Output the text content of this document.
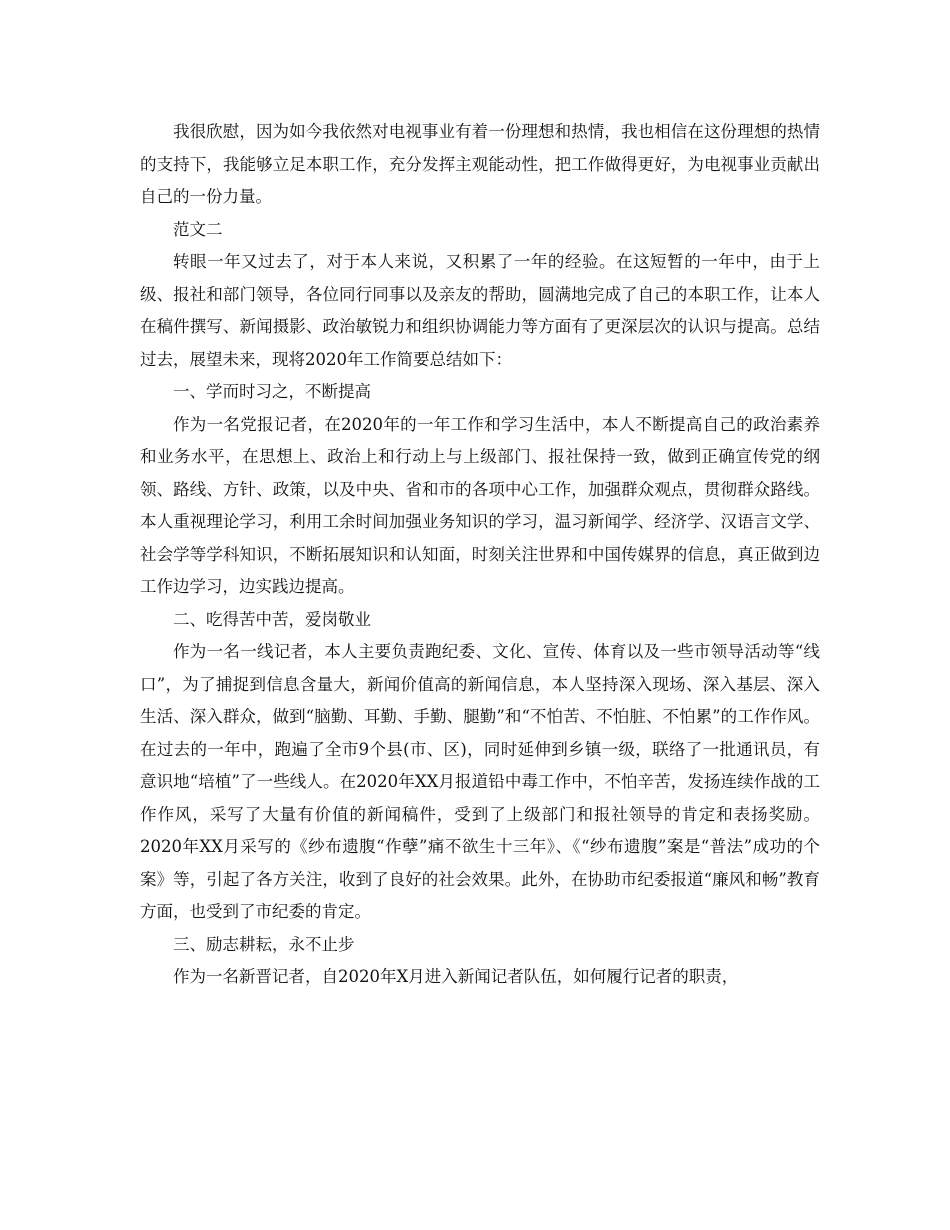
我很欣慰，因为如今我依然对电视事业有着一份理想和热情，我也相信在这份理想的热情的支持下，我能够立足本职工作，充分发挥主观能动性，把工作做得更好，为电视事业贡献出自己的一份力量。

范文二

转眼一年又过去了，对于本人来说，又积累了一年的经验。在这短暂的一年中，由于上级、报社和部门领导，各位同行同事以及亲友的帮助，圆满地完成了自己的本职工作，让本人在稿件撰写、新闻摄影、政治敏锐力和组织协调能力等方面有了更深层次的认识与提高。总结过去，展望未来，现将2020年工作简要总结如下：

一、学而时习之，不断提高

作为一名党报记者，在2020年的一年工作和学习生活中，本人不断提高自己的政治素养和业务水平，在思想上、政治上和行动上与上级部门、报社保持一致，做到正确宣传党的纲领、路线、方针、政策，以及中央、省和市的各项中心工作，加强群众观点，贯彻群众路线。本人重视理论学习，利用工余时间加强业务知识的学习，温习新闻学、经济学、汉语言文学、社会学等学科知识，不断拓展知识和认知面，时刻关注世界和中国传媒界的信息，真正做到边工作边学习，边实践边提高。

二、吃得苦中苦，爱岗敬业

作为一名一线记者，本人主要负责跑纪委、文化、宣传、体育以及一些市领导活动等“线口”，为了捕捉到信息含量大，新闻价值高的新闻信息，本人坚持深入现场、深入基层、深入生活、深入群众，做到“脑勤、耳勤、手勤、腿勤”和“不怕苦、不怕脏、不怕累”的工作作风。在过去的一年中，跑遍了全市9个县(市、区)，同时延伸到乡镇一级，联络了一批通讯员，有意识地“培植”了一些线人。在2020年XX月报道铅中毒工作中，不怕辛苦，发扬连续作战的工作作风，采写了大量有价值的新闻稿件，受到了上级部门和报社领导的肯定和表扬奖励。2020年XX月采写的《纱布遗腹“作孽”痛不欲生十三年》、《“纱布遗腹”案是“普法”成功的个案》等，引起了各方关注，收到了良好的社会效果。此外，在协助市纪委报道“廉风和畅”教育方面，也受到了市纪委的肯定。

三、励志耕耘，永不止步

作为一名新晋记者，自2020年X月进入新闻记者队伍，如何履行记者的职责，
